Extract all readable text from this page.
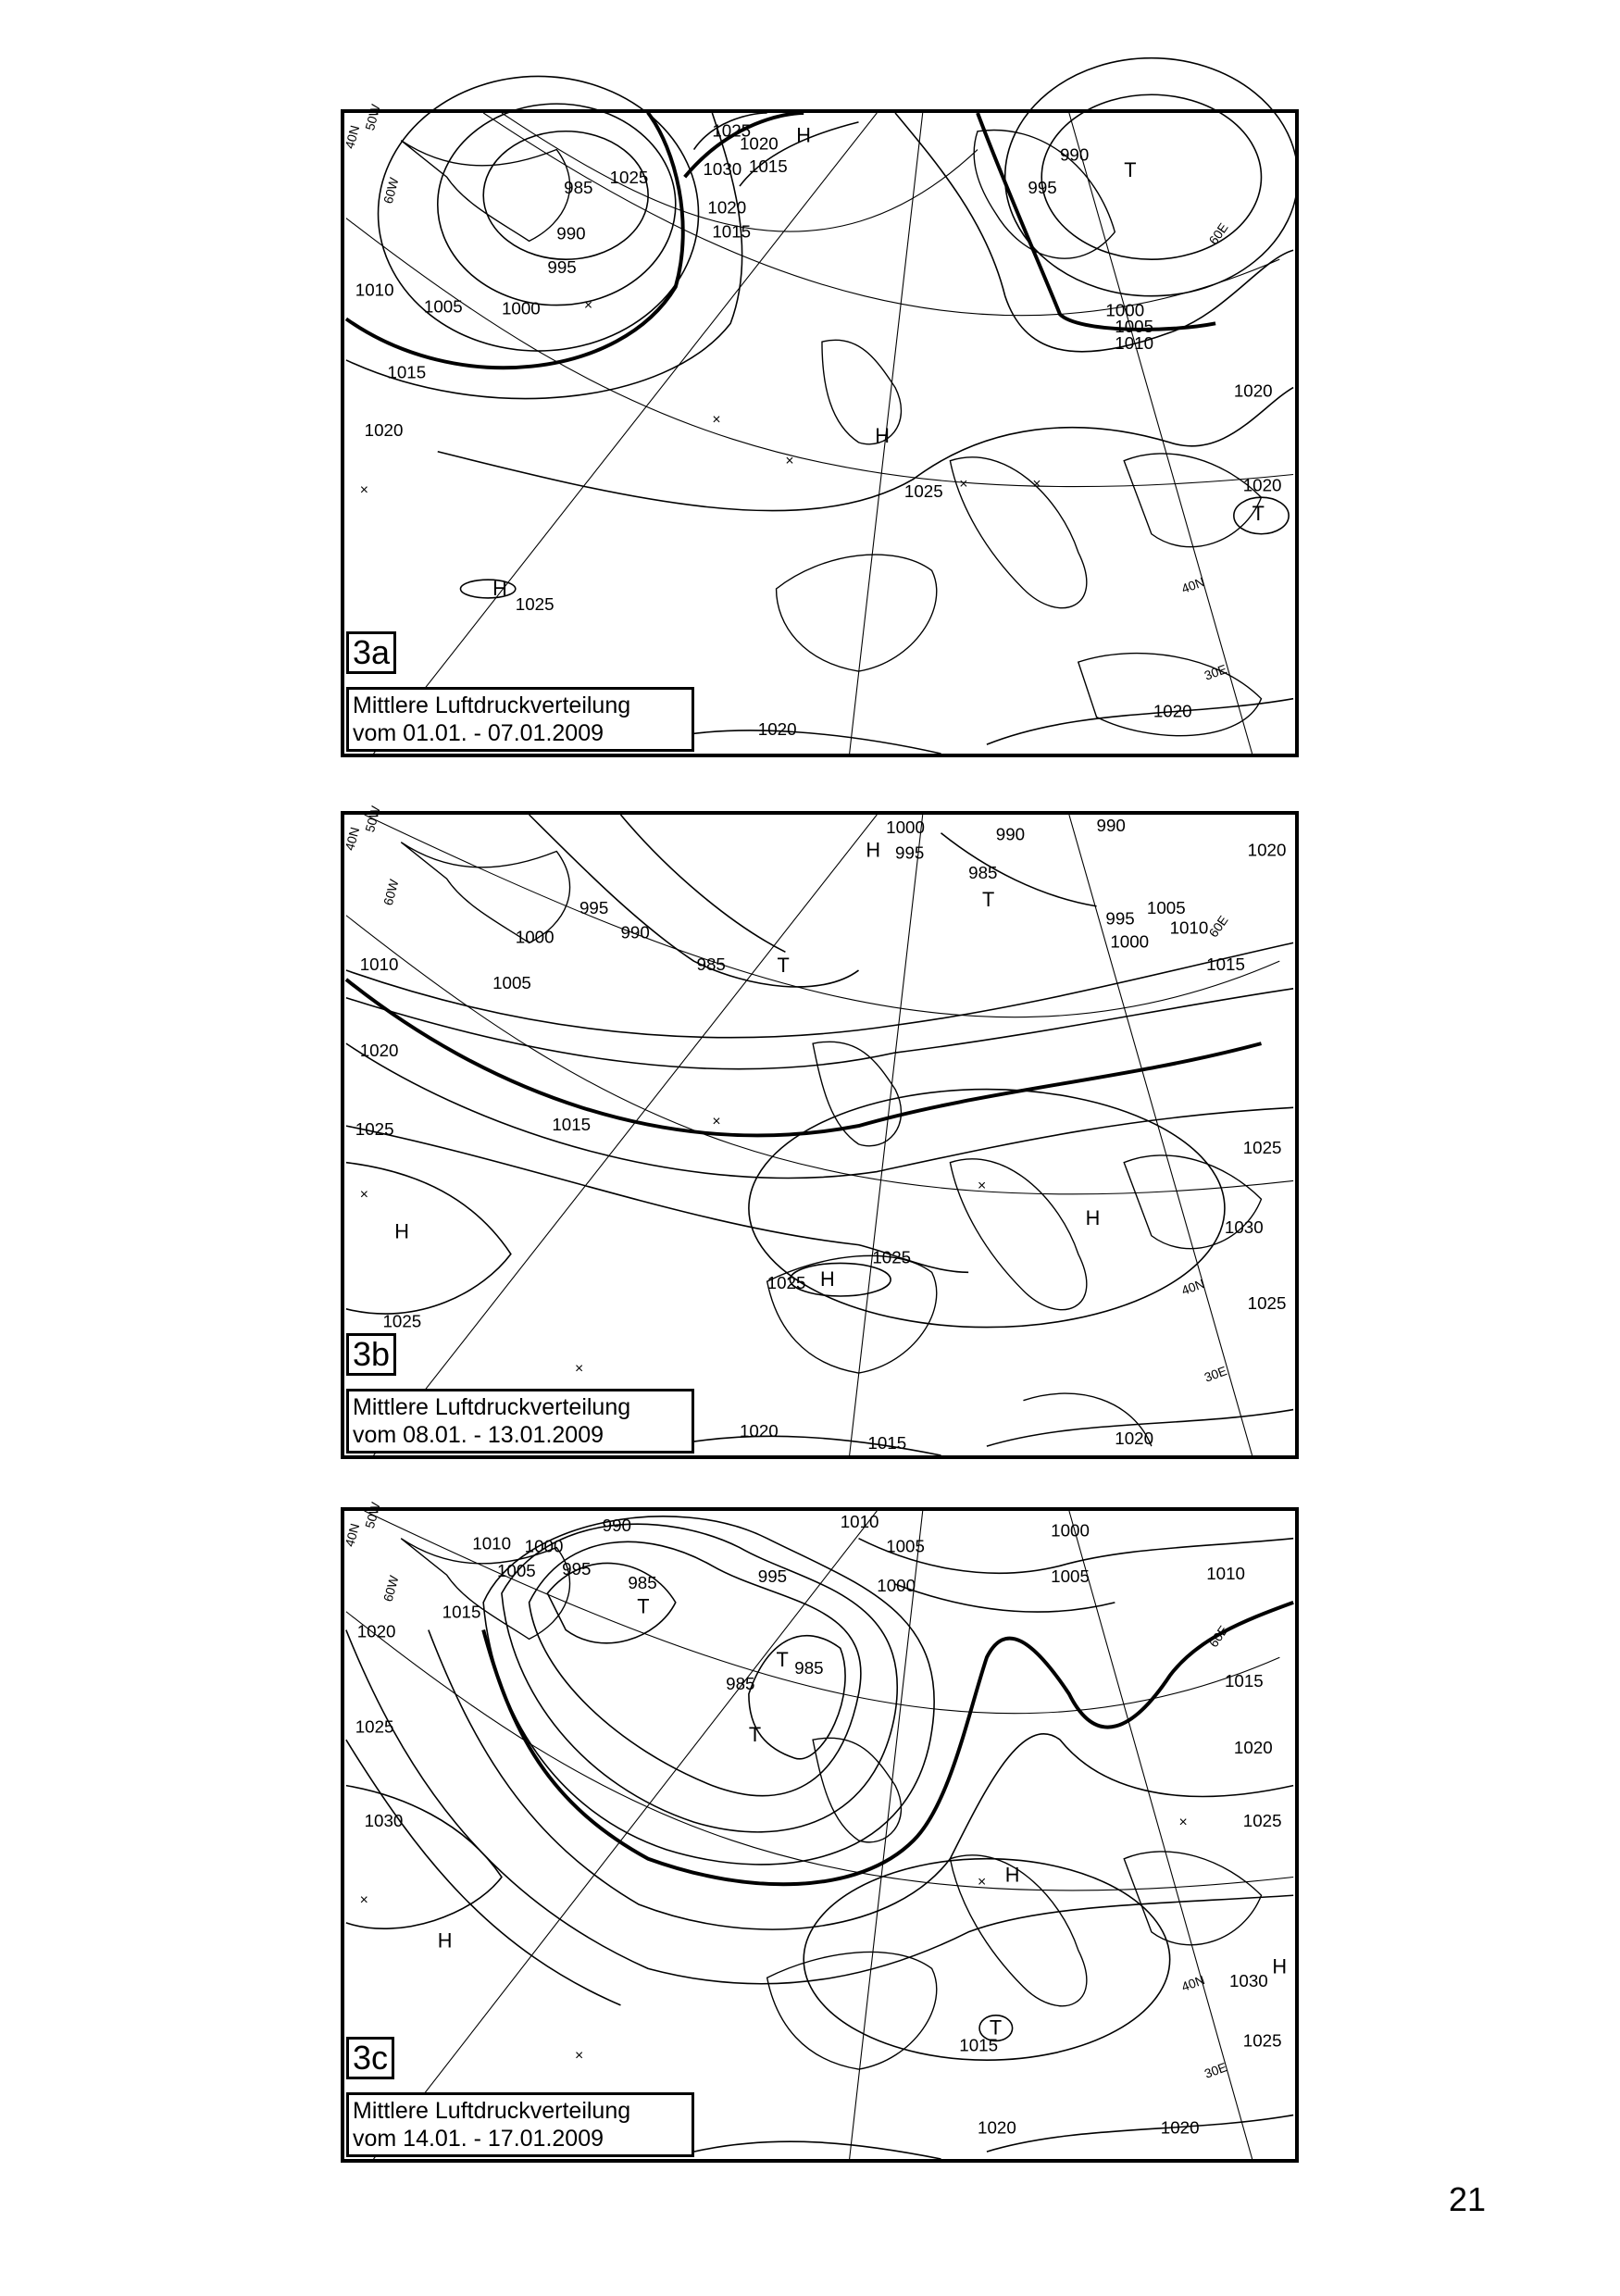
1030
1025
1025
1020
1020
1015
1015
1010
1010
1005
1005
1000	1000
995
995
990
990
985
1015
1020
1025
1020
1020
1020
1020
1025
H
H
T
T
H
40N
50W
60W
30E
40N
60E
×
×
×
×
×	×
3a
Mittlere Luftdruckverteilung
vom 01.01. - 07.01.2009
1000
995
990	990
985
995
1005
1010
1000
1015
1020
995
1000	990
985
1010
1005
1020
1025	1015
1025
1030
1025
1025
1025
1020
1015	1020
1025
H
T
T
H
H
H
40N
50W
60W
60E
40N
30E
×
×
×
×
3b
Mittlere Luftdruckverteilung
vom 08.01. - 13.01.2009
990
1010 1000
1005 995
1015
1020
985	995
1010
1005
1000
985
985
1000
1005	1010
1015
1020
1025
1025
1030
1030
1015	1025
1020	1020
T
T
T
H
H
H
T
40N
50W
60W
60E
40N
30E
×
×
×
×
3c
Mittlere Luftdruckverteilung
vom 14.01. - 17.01.2009
21
